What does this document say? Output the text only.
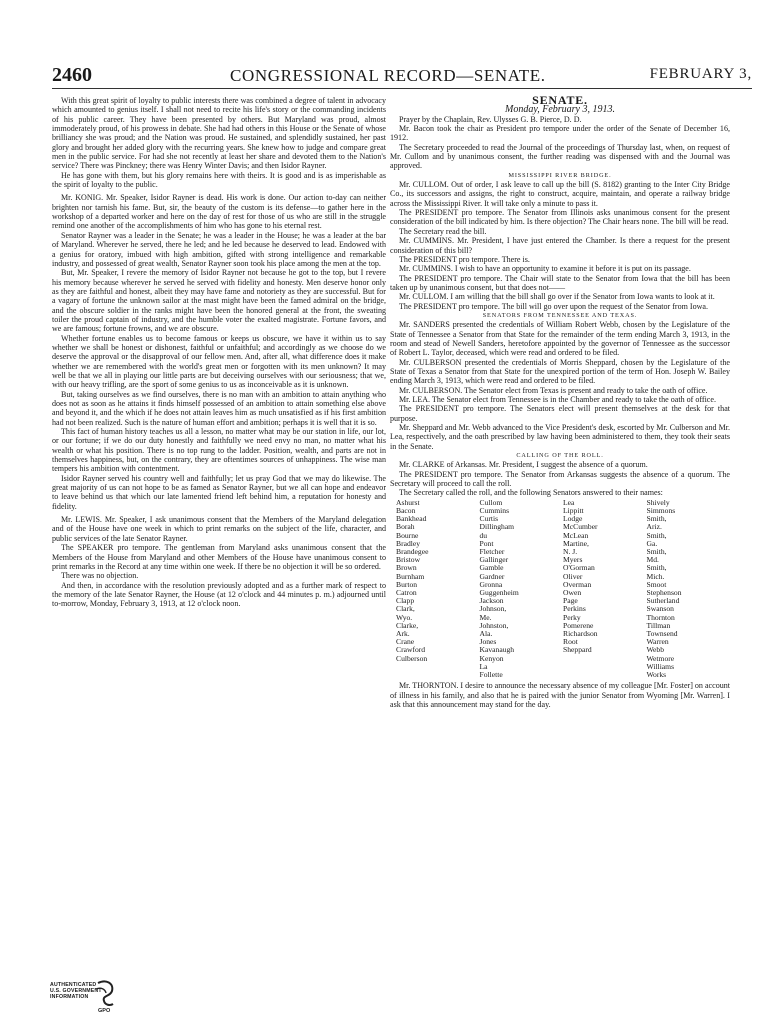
2460	CONGRESSIONAL RECORD—SENATE.	FEBRUARY 3,

With this great spirit of loyalty to public interests there was combined a degree of talent in advocacy which amounted to genius itself. I shall not need to recite his life's story or the commanding incidents of his public career. They have been presented by others. But Maryland was proud, almost immoderately proud, of his prowess in debate. She had had others in this House or the Senate of whose brilliancy she was proud; and the Nation was proud. He sustained, and splendidly sustained, her past glory and brought her added glory with the recurring years. She knew how to judge and compare great men in the public service. For had she not recently at least her share and devoted them to the Nation's service? There was Pinckney; there was Henry Winter Davis; and then Isidor Rayner.

He has gone with them, but his glory remains here with theirs. It is good and is as imperishable as the spirit of loyalty to the public.

Mr. KONIG. Mr. Speaker, Isidor Rayner is dead. His work is done. Our action to-day can neither brighten nor tarnish his fame. But, sir, the beauty of the custom is its defense—to gather here in the workshop of a departed worker and here on the day of rest for those of us who are still in the struggle remind one another of the accomplishments of him who has gone to his eternal rest.

Senator Rayner was a leader in the Senate; he was a leader in the House; he was a leader at the bar of Maryland. Wherever he served, there he led; and he led because he deserved to lead. Endowed with a genius for oratory, imbued with high ambition, gifted with strong intelligence and remarkable industry, and possessed of great wealth, Senator Rayner soon took his place among the men at the top.

But, Mr. Speaker, I revere the memory of Isidor Rayner not because he got to the top, but I revere his memory because wherever he served he served with fidelity and honesty. Men deserve honor only as they are faithful and honest, albeit they may have fame and notoriety as they are successful. But for a vagary of fortune the unknown sailor at the mast might have been the famed admiral on the bridge, and the obscure soldier in the ranks might have been the honored general at the front, the sweating toiler the proud captain of industry, and the humble voter the exalted magistrate. Fortune favors, and we are famous; fortune frowns, and we are obscure.

Whether fortune enables us to become famous or keeps us obscure, we have it within us to say whether we shall be honest or dishonest, faithful or unfaithful; and accordingly as we choose do we deserve the approval or the disapproval of our fellow men. And, after all, what difference does it make whether we are remembered with the world's great men or forgotten with its men unknown? It may well be that we all in playing our little parts are but deceiving ourselves with our seriousness; that we, with our heavy trifling, are the sport of some genius to us as inconceivable as it is unknown.

But, taking ourselves as we find ourselves, there is no man with an ambition to attain anything who does not as soon as he attains it finds himself possessed of an ambition to attain something else above and beyond it, and the which if he does not attain leaves him as much unsatisfied as if his first ambition had not been realized. Such is the nature of human effort and ambition; perhaps it is well that it is so.

This fact of human history teaches us all a lesson, no matter what may be our station in life, our lot, or our fortune; if we do our duty honestly and faithfully we need envy no man, no matter what his wealth or what his position. There is no top rung to the ladder. Position, wealth, and parts are not in themselves happiness, but, on the contrary, they are oftentimes sources of unhappiness. The wise man tempers his ambition with contentment.

Isidor Rayner served his country well and faithfully; let us pray God that we may do likewise. The great majority of us can not hope to be as famed as Senator Rayner, but we all can hope and endeavor to leave behind us that which our late lamented friend left behind him, a reputation for honesty and fidelity.

Mr. LEWIS. Mr. Speaker, I ask unanimous consent that the Members of the Maryland delegation and of the House have one week in which to print remarks on the subject of the life, character, and public services of the late Senator Rayner.

The SPEAKER pro tempore. The gentleman from Maryland asks unanimous consent that the Members of the House from Maryland and other Members of the House have unanimous consent to print remarks in the Record at any time within one week. If there be no objection it will be so ordered.

There was no objection.

And then, in accordance with the resolution previously adopted and as a further mark of respect to the memory of the late Senator Rayner, the House (at 12 o'clock and 44 minutes p. m.) adjourned until to-morrow, Monday, February 3, 1913, at 12 o'clock noon.

SENATE.

Monday, February 3, 1913.

Prayer by the Chaplain, Rev. Ulysses G. B. Pierce, D. D.

Mr. Bacon took the chair as President pro tempore under the order of the Senate of December 16, 1912.

The Secretary proceeded to read the Journal of the proceedings of Thursday last, when, on request of Mr. Cullom and by unanimous consent, the further reading was dispensed with and the Journal was approved.

MISSISSIPPI RIVER BRIDGE.

Mr. CULLOM. Out of order, I ask leave to call up the bill (S. 8182) granting to the Inter City Bridge Co., its successors and assigns, the right to construct, acquire, maintain, and operate a railway bridge across the Mississippi River. It will take only a minute to pass it.

The PRESIDENT pro tempore. The Senator from Illinois asks unanimous consent for the present consideration of the bill indicated by him. Is there objection? The Chair hears none. The bill will be read.

The Secretary read the bill.

Mr. CUMMINS. Mr. President, I have just entered the Chamber. Is there a request for the present consideration of this bill?

The PRESIDENT pro tempore. There is.

Mr. CUMMINS. I wish to have an opportunity to examine it before it is put on its passage.

The PRESIDENT pro tempore. The Chair will state to the Senator from Iowa that the bill has been taken up by unanimous consent, but that does not——

Mr. CULLOM. I am willing that the bill shall go over if the Senator from Iowa wants to look at it.

The PRESIDENT pro tempore. The bill will go over upon the request of the Senator from Iowa.

SENATORS FROM TENNESSEE AND TEXAS.

Mr. SANDERS presented the credentials of William Robert Webb, chosen by the Legislature of the State of Tennessee a Senator from that State for the remainder of the term ending March 3, 1913, in the room and stead of Newell Sanders, heretofore appointed by the governor of Tennessee as the successor of Robert L. Taylor, deceased, which were read and ordered to be filed.

Mr. CULBERSON presented the credentials of Morris Sheppard, chosen by the Legislature of the State of Texas a Senator from that State for the unexpired portion of the term of Hon. Joseph W. Bailey ending March 3, 1913, which were read and ordered to be filed.

Mr. CULBERSON. The Senator elect from Texas is present and ready to take the oath of office.

Mr. LEA. The Senator elect from Tennessee is in the Chamber and ready to take the oath of office.

The PRESIDENT pro tempore. The Senators elect will present themselves at the desk for that purpose.

Mr. Sheppard and Mr. Webb advanced to the Vice President's desk, escorted by Mr. Culberson and Mr. Lea, respectively, and the oath prescribed by law having been administered to them, they took their seats in the Senate.

CALLING OF THE ROLL.

Mr. CLARKE of Arkansas. Mr. President, I suggest the absence of a quorum.

The PRESIDENT pro tempore. The Senator from Arkansas suggests the absence of a quorum. The Secretary will proceed to call the roll.

The Secretary called the roll, and the following Senators answered to their names:

Ashurst
Bacon
Bankhead
Borah
Bourne
Bradley
Brandegee
Bristow
Brown
Burnham
Burton
Catron
Clapp
Clark, Wyo.
Clarke, Ark.
Crane
Crawford
Culberson
Cullom
Cummins
Curtis
Dillingham
du Pont
Fletcher
Gallinger
Gamble
Gardner
Gronna
Guggenheim
Jackson
Johnson, Me.
Johnston, Ala.
Jones
Kavanaugh
Kenyon
La Follette
Lea
Lippitt
Lodge
McCumber
McLean
Martine, N. J.
Myers
O'Gorman
Oliver
Overman
Owen
Page
Perkins
Perky
Pomerene
Richardson
Root
Sheppard
Shively
Simmons
Smith, Ariz.
Smith, Ga.
Smith, Md.
Smith, Mich.
Smoot
Stephenson
Sutherland
Swanson
Thornton
Tillman
Townsend
Warren
Webb
Wetmore
Williams
Works

Mr. THORNTON. I desire to announce the necessary absence of my colleague [Mr. Foster] on account of illness in his family, and also that he is paired with the junior Senator from Wyoming [Mr. Warren]. I ask that this announcement may stand for the day.

AUTHENTICATED
U.S. GOVERNMENT
INFORMATION
GPO
